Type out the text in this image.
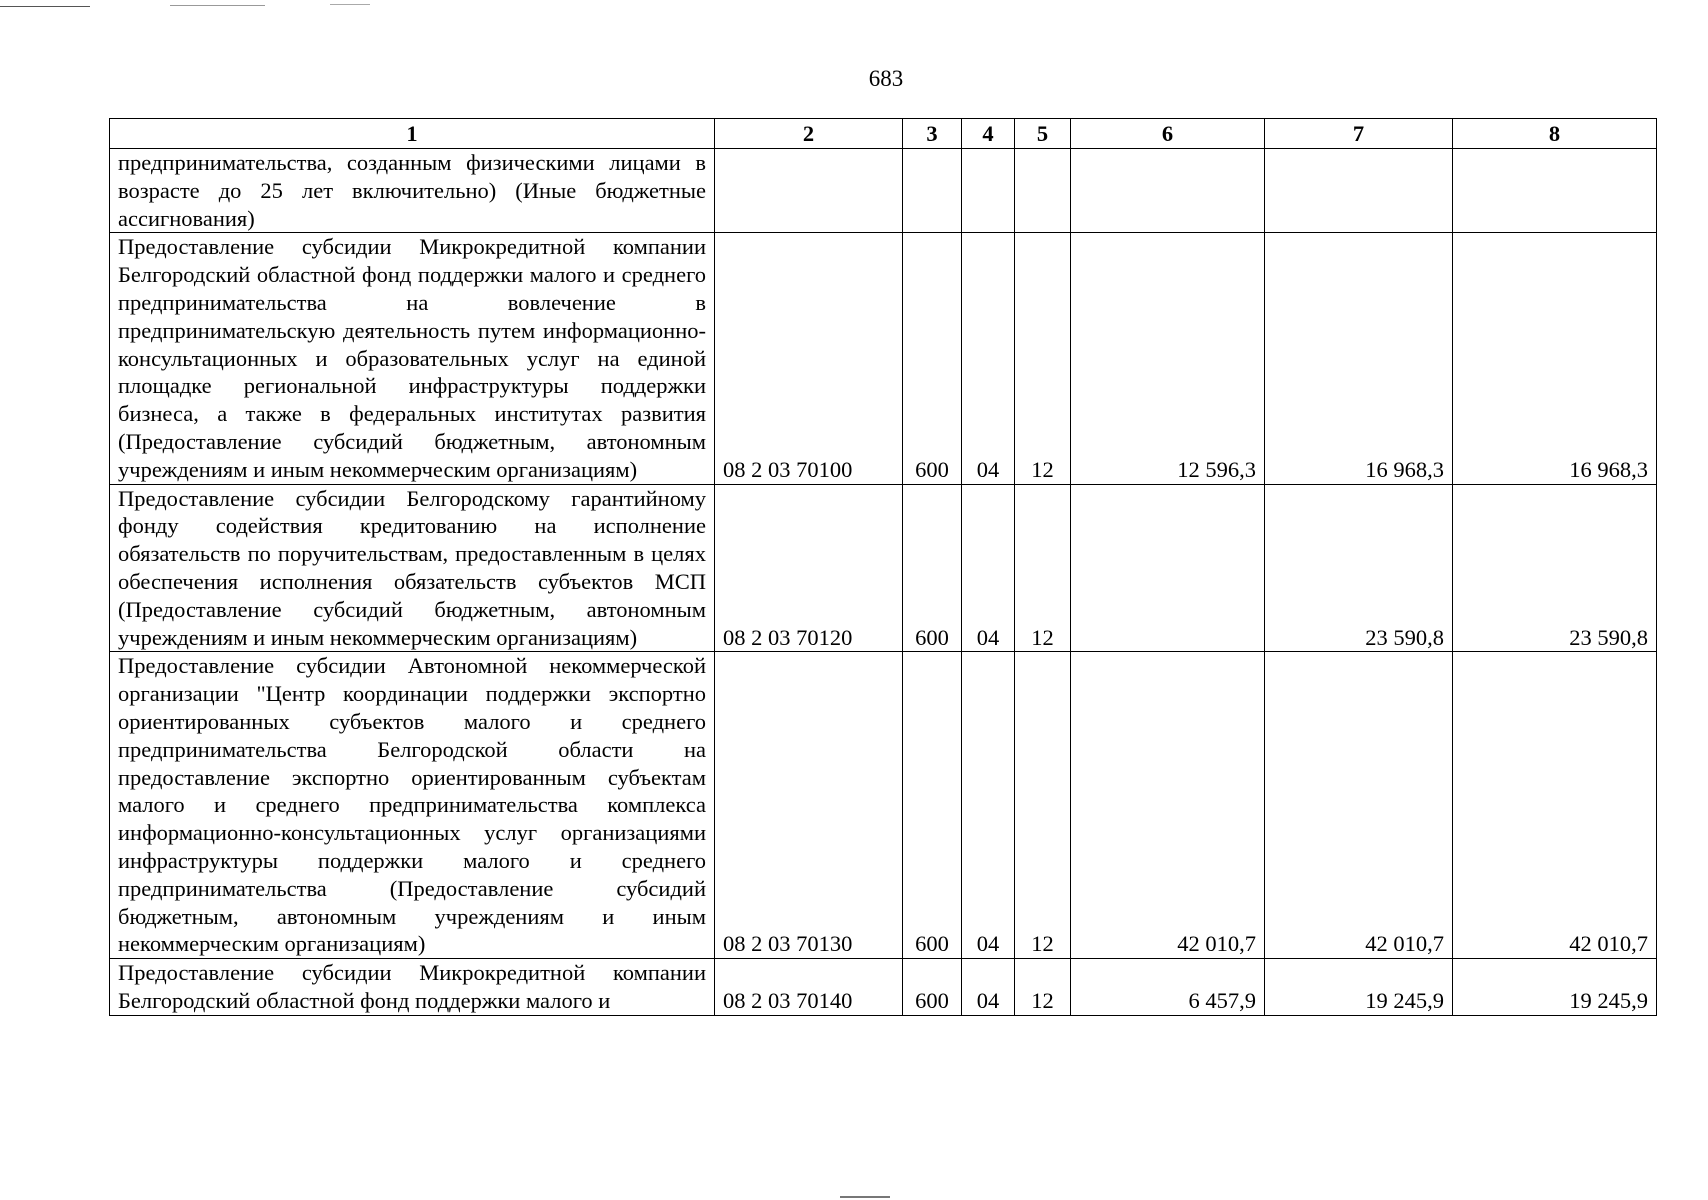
683
1	2	3	4	5	6	7	8
предпринимательства, созданным физическими лицами в возрасте до 25 лет включительно) (Иные бюджетные ассигнования)							
Предоставление субсидии Микрокредитной компании Белгородский областной фонд поддержки малого и среднего предпринимательства на вовлечение в предпринимательскую деятельность путем информационно-консультационных и образовательных услуг на единой площадке региональной инфраструктуры поддержки бизнеса, а также в федеральных институтах развития (Предоставление субсидий бюджетным, автономным учреждениям и иным некоммерческим организациям)	08 2 03 70100	600	04	12	12 596,3	16 968,3	16 968,3
Предоставление субсидии Белгородскому гарантийному фонду содействия кредитованию на исполнение обязательств по поручительствам, предоставленным в целях обеспечения исполнения обязательств субъектов МСП (Предоставление субсидий бюджетным, автономным учреждениям и иным некоммерческим организациям)	08 2 03 70120	600	04	12		23 590,8	23 590,8
Предоставление субсидии Автономной некоммерческой организации "Центр координации поддержки экспортно ориентированных субъектов малого и среднего предпринимательства Белгородской области на предоставление экспортно ориентированным субъектам малого и среднего предпринимательства комплекса информационно-консультационных услуг организациями инфраструктуры поддержки малого и среднего предпринимательства (Предоставление субсидий бюджетным, автономным учреждениям и иным некоммерческим организациям)	08 2 03 70130	600	04	12	42 010,7	42 010,7	42 010,7
Предоставление субсидии Микрокредитной компании Белгородский областной фонд поддержки малого и	08 2 03 70140	600	04	12	6 457,9	19 245,9	19 245,9
